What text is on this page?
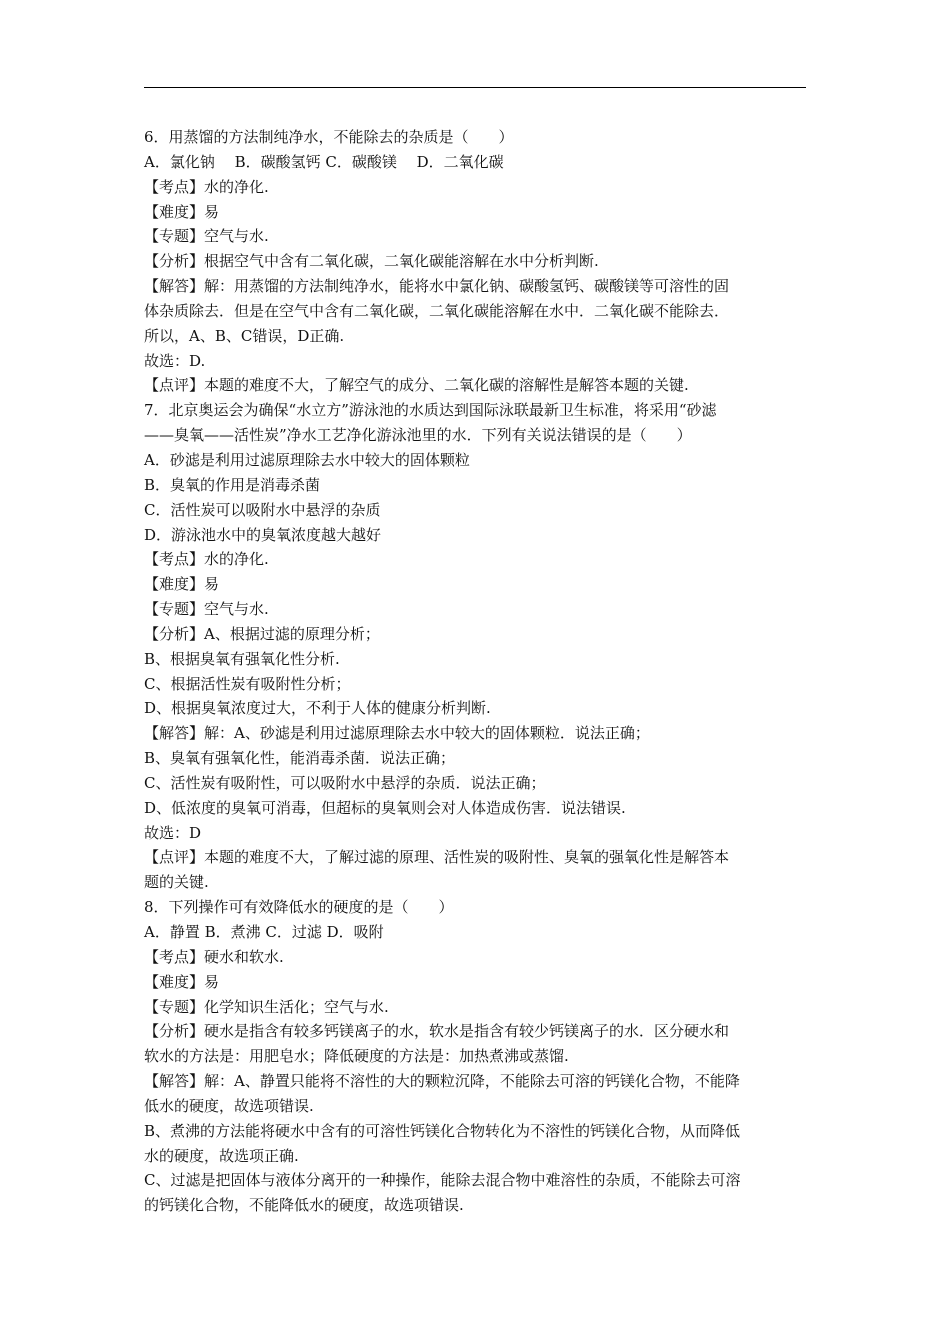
6．用蒸馏的方法制纯净水，不能除去的杂质是（　　）
A．氯化钠　 B．碳酸氢钙 C．碳酸镁　 D．二氧化碳
【考点】水的净化.
【难度】易
【专题】空气与水.
【分析】根据空气中含有二氧化碳，二氧化碳能溶解在水中分析判断.
【解答】解：用蒸馏的方法制纯净水，能将水中氯化钠、碳酸氢钙、碳酸镁等可溶性的固
体杂质除去．但是在空气中含有二氧化碳，二氧化碳能溶解在水中．二氧化碳不能除去．
所以，A、B、C错误，D正确.
故选：D.
【点评】本题的难度不大，了解空气的成分、二氧化碳的溶解性是解答本题的关键.
7．北京奥运会为确保“水立方”游泳池的水质达到国际泳联最新卫生标准，将采用“砂滤
——臭氧——活性炭”净水工艺净化游泳池里的水．下列有关说法错误的是（　　）
A．砂滤是利用过滤原理除去水中较大的固体颗粒
B．臭氧的作用是消毒杀菌
C．活性炭可以吸附水中悬浮的杂质
D．游泳池水中的臭氧浓度越大越好
【考点】水的净化.
【难度】易
【专题】空气与水.
【分析】A、根据过滤的原理分析；
B、根据臭氧有强氧化性分析.
C、根据活性炭有吸附性分析；
D、根据臭氧浓度过大，不利于人体的健康分析判断.
【解答】解：A、砂滤是利用过滤原理除去水中较大的固体颗粒．说法正确；
B、臭氧有强氧化性，能消毒杀菌．说法正确；
C、活性炭有吸附性，可以吸附水中悬浮的杂质．说法正确；
D、低浓度的臭氧可消毒，但超标的臭氧则会对人体造成伤害．说法错误.
故选：D
【点评】本题的难度不大，了解过滤的原理、活性炭的吸附性、臭氧的强氧化性是解答本
题的关键.
8．下列操作可有效降低水的硬度的是（　　）
A．静置 B．煮沸 C．过滤 D．吸附
【考点】硬水和软水.
【难度】易
【专题】化学知识生活化；空气与水.
【分析】硬水是指含有较多钙镁离子的水，软水是指含有较少钙镁离子的水．区分硬水和
软水的方法是：用肥皂水；降低硬度的方法是：加热煮沸或蒸馏.
【解答】解：A、静置只能将不溶性的大的颗粒沉降，不能除去可溶的钙镁化合物，不能降
低水的硬度，故选项错误.
B、煮沸的方法能将硬水中含有的可溶性钙镁化合物转化为不溶性的钙镁化合物，从而降低
水的硬度，故选项正确.
C、过滤是把固体与液体分离开的一种操作，能除去混合物中难溶性的杂质，不能除去可溶
的钙镁化合物，不能降低水的硬度，故选项错误.
